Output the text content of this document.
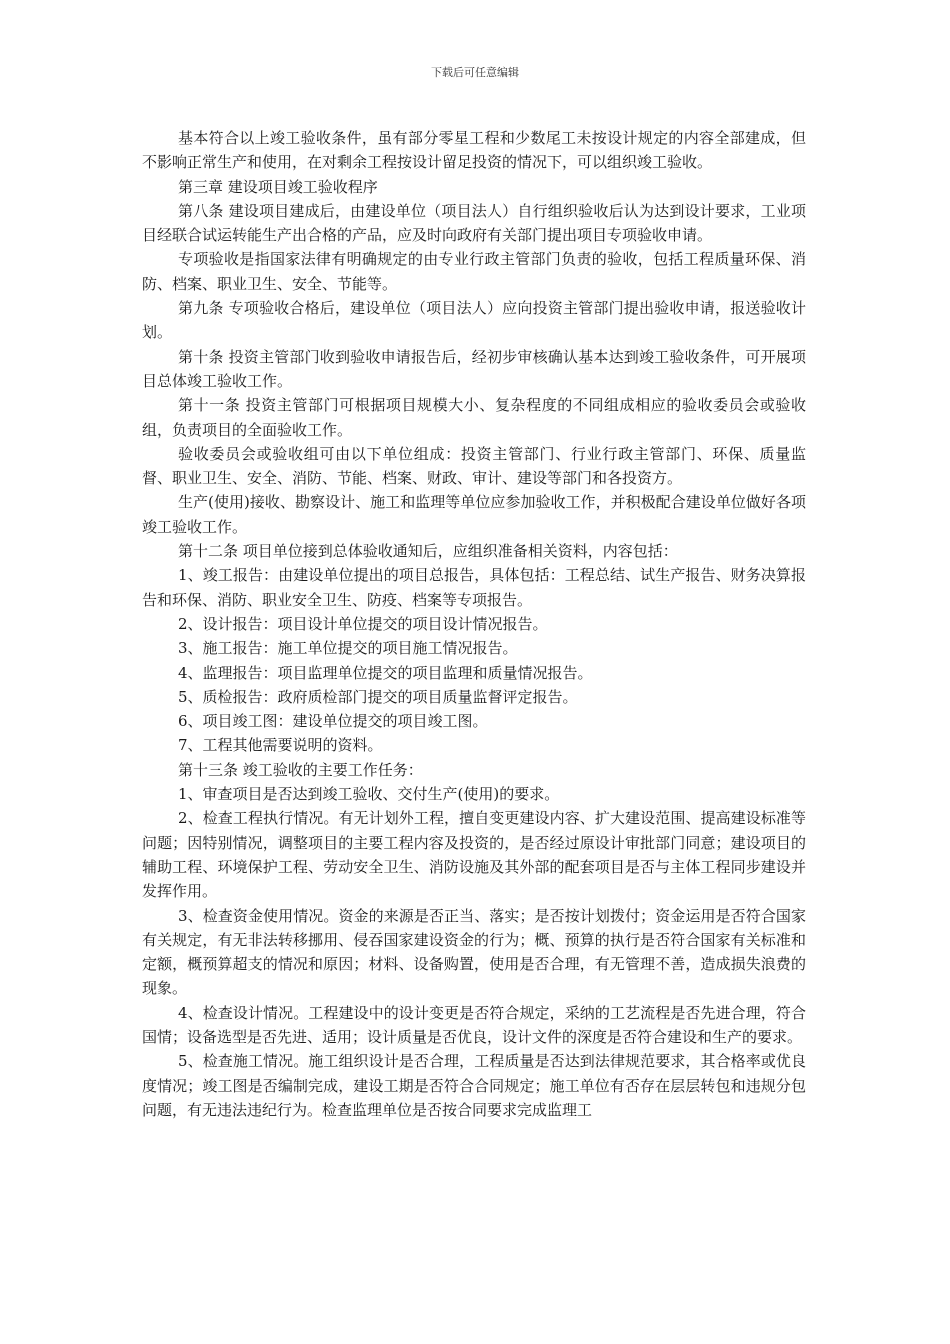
下载后可任意编辑

基本符合以上竣工验收条件，虽有部分零星工程和少数尾工未按设计规定的内容全部建成，但不影响正常生产和使用，在对剩余工程按设计留足投资的情况下，可以组织竣工验收。

第三章 建设项目竣工验收程序

第八条 建设项目建成后，由建设单位（项目法人）自行组织验收后认为达到设计要求，工业项目经联合试运转能生产出合格的产品，应及时向政府有关部门提出项目专项验收申请。

专项验收是指国家法律有明确规定的由专业行政主管部门负责的验收，包括工程质量环保、消防、档案、职业卫生、安全、节能等。

第九条 专项验收合格后，建设单位（项目法人）应向投资主管部门提出验收申请，报送验收计划。

第十条 投资主管部门收到验收申请报告后，经初步审核确认基本达到竣工验收条件，可开展项目总体竣工验收工作。

第十一条 投资主管部门可根据项目规模大小、复杂程度的不同组成相应的验收委员会或验收组，负责项目的全面验收工作。

验收委员会或验收组可由以下单位组成：投资主管部门、行业行政主管部门、环保、质量监督、职业卫生、安全、消防、节能、档案、财政、审计、建设等部门和各投资方。

生产(使用)接收、勘察设计、施工和监理等单位应参加验收工作，并积极配合建设单位做好各项竣工验收工作。

第十二条 项目单位接到总体验收通知后，应组织准备相关资料，内容包括：

1、竣工报告：由建设单位提出的项目总报告，具体包括：工程总结、试生产报告、财务决算报告和环保、消防、职业安全卫生、防疫、档案等专项报告。

2、设计报告：项目设计单位提交的项目设计情况报告。

3、施工报告：施工单位提交的项目施工情况报告。

4、监理报告：项目监理单位提交的项目监理和质量情况报告。

5、质检报告：政府质检部门提交的项目质量监督评定报告。

6、项目竣工图：建设单位提交的项目竣工图。

7、工程其他需要说明的资料。

第十三条 竣工验收的主要工作任务：

1、审查项目是否达到竣工验收、交付生产(使用)的要求。

2、检查工程执行情况。有无计划外工程，擅自变更建设内容、扩大建设范围、提高建设标准等问题；因特别情况，调整项目的主要工程内容及投资的，是否经过原设计审批部门同意；建设项目的辅助工程、环境保护工程、劳动安全卫生、消防设施及其外部的配套项目是否与主体工程同步建设并发挥作用。

3、检查资金使用情况。资金的来源是否正当、落实；是否按计划拨付；资金运用是否符合国家有关规定，有无非法转移挪用、侵吞国家建设资金的行为；概、预算的执行是否符合国家有关标准和定额，概预算超支的情况和原因；材料、设备购置，使用是否合理，有无管理不善，造成损失浪费的现象。

4、检查设计情况。工程建设中的设计变更是否符合规定，采纳的工艺流程是否先进合理，符合国情；设备选型是否先进、适用；设计质量是否优良，设计文件的深度是否符合建设和生产的要求。

5、检查施工情况。施工组织设计是否合理，工程质量是否达到法律规范要求，其合格率或优良度情况；竣工图是否编制完成，建设工期是否符合合同规定；施工单位有否存在层层转包和违规分包问题，有无违法违纪行为。检查监理单位是否按合同要求完成监理工
